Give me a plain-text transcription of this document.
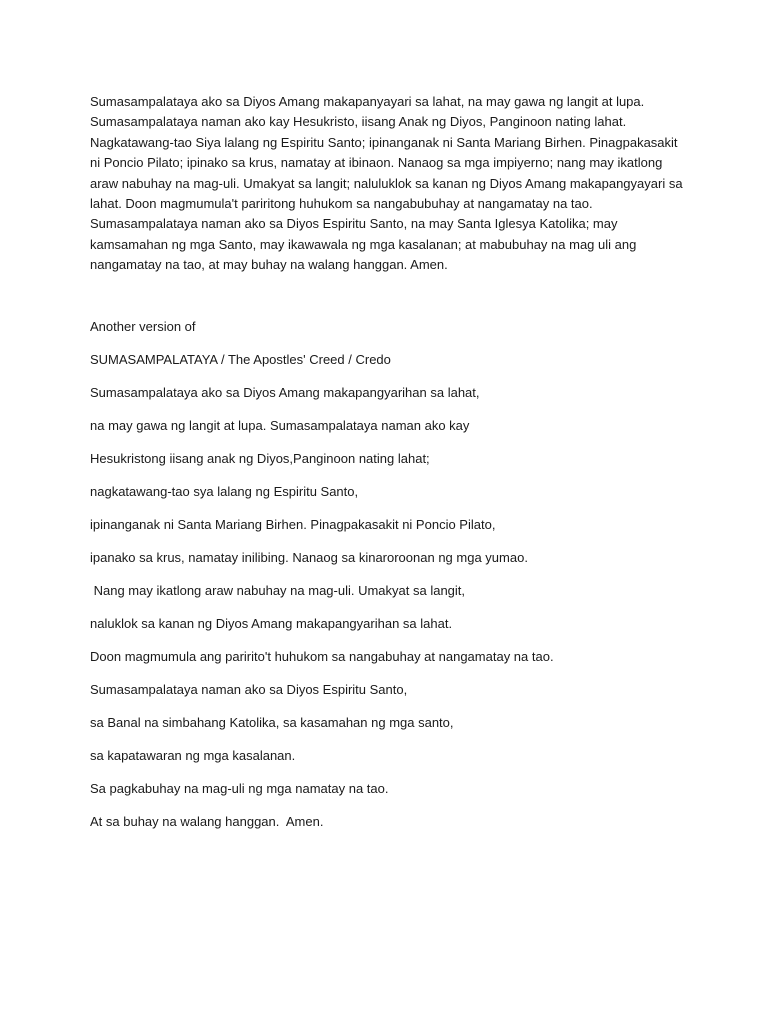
Sumasampalataya ako sa Diyos Amang makapanyayari sa lahat, na may gawa ng langit at lupa. Sumasampalataya naman ako kay Hesukristo, iisang Anak ng Diyos, Panginoon nating lahat. Nagkatawang-tao Siya lalang ng Espiritu Santo; ipinanganak ni Santa Mariang Birhen. Pinagpakasakit ni Poncio Pilato; ipinako sa krus, namatay at ibinaon. Nanaog sa mga impiyerno; nang may ikatlong araw nabuhay na mag-uli. Umakyat sa langit; naluluklok sa kanan ng Diyos Amang makapangyayari sa lahat. Doon magmumula't pariritong huhukom sa nangabubuhay at nangamatay na tao. Sumasampalataya naman ako sa Diyos Espiritu Santo, na may Santa Iglesya Katolika; may kamsamahan ng mga Santo, may ikawawala ng mga kasalanan; at mabubuhay na mag uli ang nangamatay na tao, at may buhay na walang hanggan. Amen.

Another version of

SUMASAMPALATAYA / The Apostles' Creed / Credo

Sumasampalataya ako sa Diyos Amang makapangyarihan sa lahat,

na may gawa ng langit at lupa. Sumasampalataya naman ako kay

Hesukristong iisang anak ng Diyos,Panginoon nating lahat;

nagkatawang-tao sya lalang ng Espiritu Santo,

ipinanganak ni Santa Mariang Birhen. Pinagpakasakit ni Poncio Pilato,

ipanako sa krus, namatay inilibing. Nanaog sa kinaroroonan ng mga yumao.

Nang may ikatlong araw nabuhay na mag-uli. Umakyat sa langit,

naluklok sa kanan ng Diyos Amang makapangyarihan sa lahat.

Doon magmumula ang paririto't huhukom sa nangabuhay at nangamatay na tao.

Sumasampalataya naman ako sa Diyos Espiritu Santo,

sa Banal na simbahang Katolika, sa kasamahan ng mga santo,

sa kapatawaran ng mga kasalanan.

Sa pagkabuhay na mag-uli ng mga namatay na tao.

At sa buhay na walang hanggan.  Amen.
